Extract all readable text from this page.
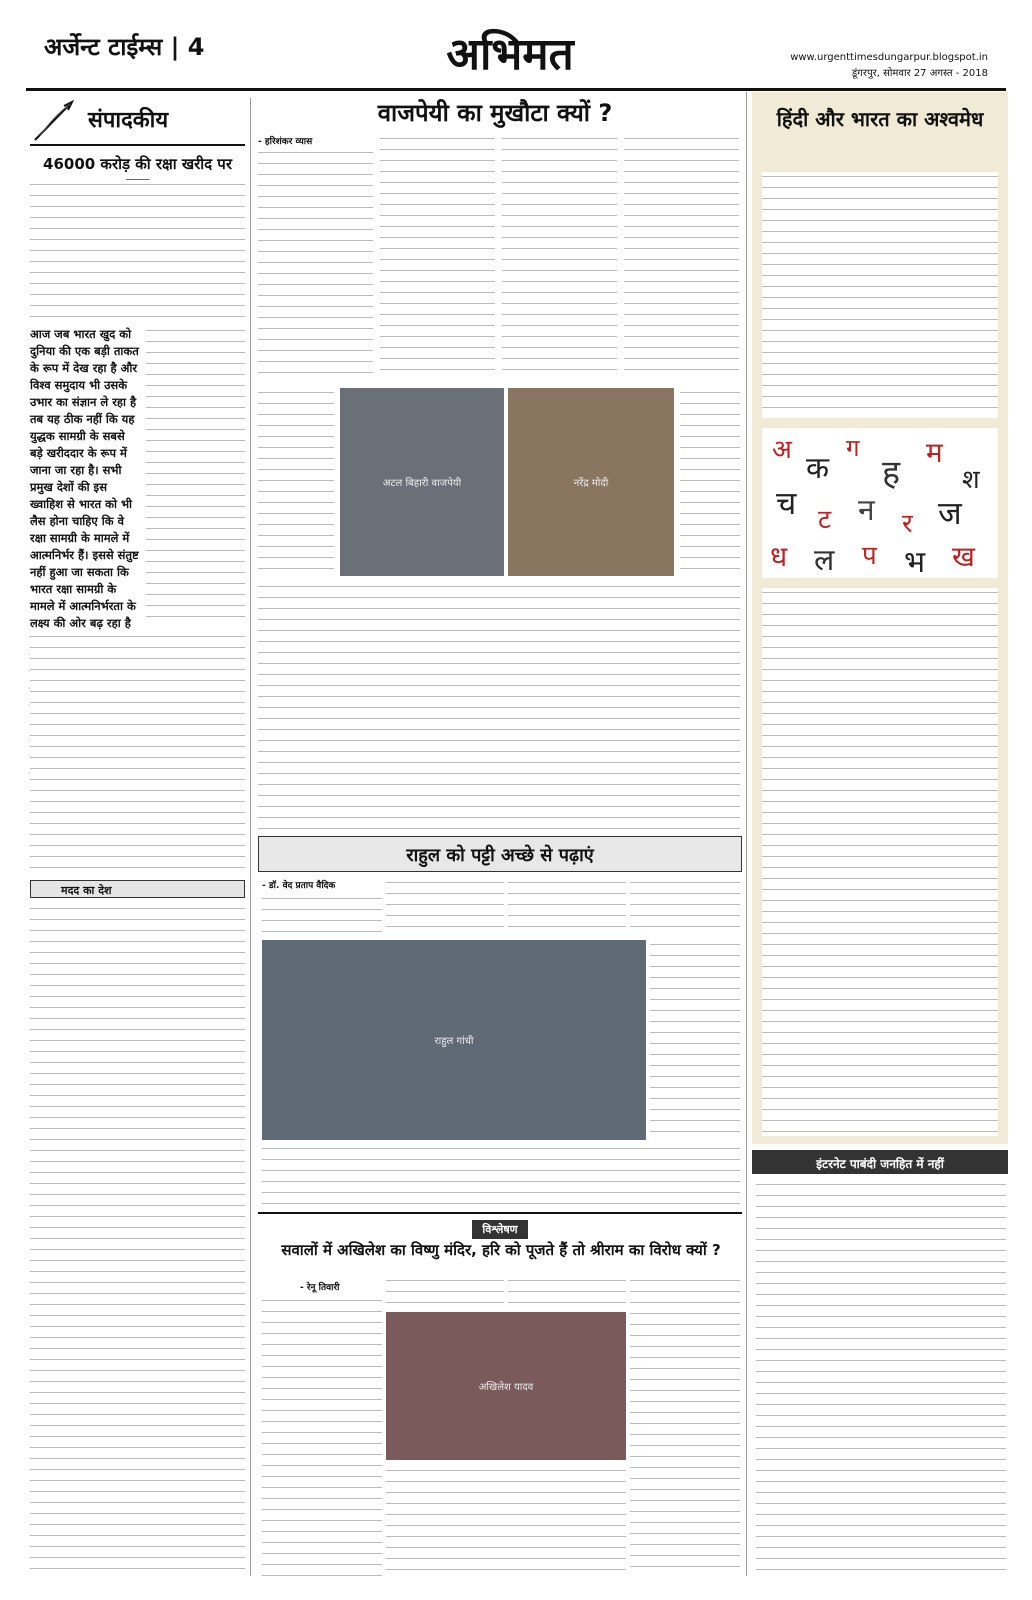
अर्जेन्ट टाईम्स | 4	अभिमत	www.urgenttimesdungarpur.blogspot.in
डूंगरपुर, सोमवार 27 अगस्त - 2018
संपादकीय
46000 करोड़ की रक्षा खरीद पर
आज जब भारत खुद को दुनिया की एक बड़ी ताकत के रूप में देख रहा है और विश्व समुदाय भी उसके उभार का संज्ञान ले रहा है तब यह ठीक नहीं कि यह युद्धक सामग्री के सबसे बड़े खरीददार के रूप में जाना जा रहा है। सभी प्रमुख देशों की इस ख्वाहिश से भारत को भी लैस होना चाहिए कि वे रक्षा सामग्री के मामले में आत्मनिर्भर हैं। इससे संतुष्ट नहीं हुआ जा सकता कि भारत रक्षा सामग्री के मामले में आत्मनिर्भरता के लक्ष्य की ओर बढ़ रहा है
मदद का देश
वाजपेयी का मुखौटा क्यों ?
- हरिशंकर व्यास
अटल बिहारी वाजपेयी	नरेंद्र मोदी
राहुल को पट्टी अच्छे से पढ़ाएं
- डॉ. वेद प्रताप वैदिक
राहुल गांधी
विश्लेषण
सवालों में अखिलेश का विष्णु मंदिर, हरि को पूजते हैं तो श्रीराम का विरोध क्यों ?
- रेनू तिवारी
अखिलेश यादव
हिंदी और भारत का अश्वमेध
अ
क
ग
ह
म
श
च ट न र ज
ध ल प भ ख
इंटरनेट पाबंदी जनहित में नहीं
